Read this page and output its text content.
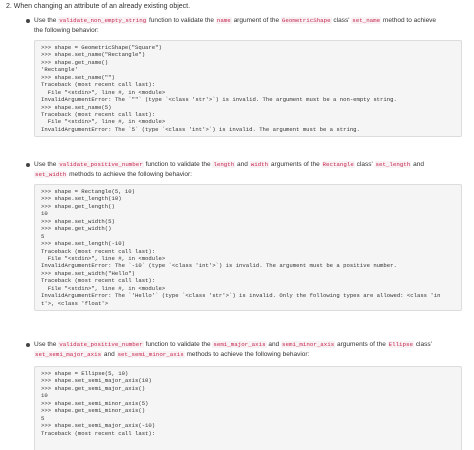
2. When changing an attribute of an already existing object.
Use the validate_non_empty_string function to validate the name argument of the GeometricShape class' set_name method to achieve
the following behavior:
>>> shape = GeometricShape("Square")
>>> shape.set_name("Rectangle")
>>> shape.get_name()
'Rectangle'
>>> shape.set_name("")
Traceback (most recent call last):
File "<stdin>", line #, in <module>
InvalidArgumentError: The `""` (type `<class 'str'>`) is invalid. The argument must be a non-empty string.
>>> shape.set_name(5)
Traceback (most recent call last):
File "<stdin>", line #, in <module>
InvalidArgumentError: The `5` (type `<class 'int'>`) is invalid. The argument must be a string.
Use the validate_positive_number function to validate the length and width arguments of the Rectangle class' set_length and
set_width methods to achieve the following behavior:
>>> shape = Rectangle(5, 10)
>>> shape.set_length(10)
>>> shape.get_length()
10
>>> shape.set_width(5)
>>> shape.get_width()
5
>>> shape.set_length(-10)
Traceback (most recent call last):
File "<stdin>", line #, in <module>
InvalidArgumentError: The `-10` (type `<class 'int'>`) is invalid. The argument must be a positive number.
>>> shape.set_width("Hello")
Traceback (most recent call last):
File "<stdin>", line #, in <module>
InvalidArgumentError: The `'Hello'` (type `<class 'str'>`) is invalid. Only the following types are allowed: <class 'in
t'>, <class 'float'>
Use the validate_positive_number function to validate the semi_major_axis and semi_minor_axis arguments of the Ellipse class'
set_semi_major_axis and set_semi_minor_axis methods to achieve the following behavior:
>>> shape = Ellipse(5, 10)
>>> shape.set_semi_major_axis(10)
>>> shape.get_semi_major_axis()
10
>>> shape.set_semi_minor_axis(5)
>>> shape.get_semi_minor_axis()
5
>>> shape.set_semi_major_axis(-10)
Traceback (most recent call last):
